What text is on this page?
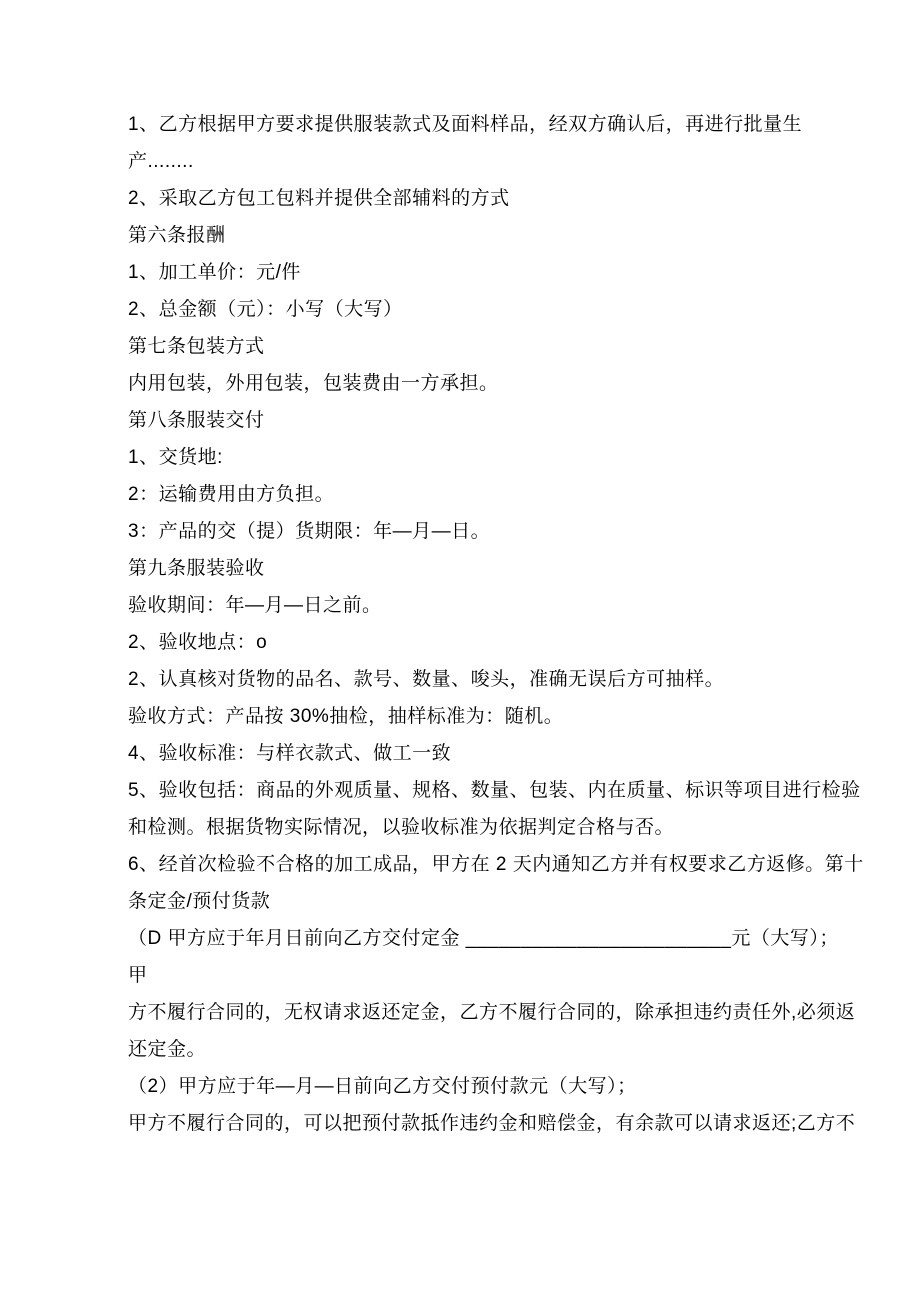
1、乙方根据甲方要求提供服装款式及面料样品，经双方确认后，再进行批量生
产........
2、采取乙方包工包料并提供全部辅料的方式
第六条报酬
1、加工单价：元/件
2、总金额（元）：小写（大写）
第七条包装方式
内用包装，外用包装，包装费由一方承担。
第八条服装交付
1、交货地:
2：运输费用由方负担。
3：产品的交（提）货期限：年—月—日。
第九条服装验收
验收期间：年—月—日之前。
2、验收地点：o
2、认真核对货物的品名、款号、数量、唆头，准确无误后方可抽样。
验收方式：产品按 30%抽检，抽样标准为：随机。
4、验收标准：与样衣款式、做工一致
5、验收包括：商品的外观质量、规格、数量、包装、内在质量、标识等项目进行检验
和检测。根据货物实际情况，以验收标准为依据判定合格与否。
6、经首次检验不合格的加工成品，甲方在 2 天内通知乙方并有权要求乙方返修。第十
条定金/预付货款
（D 甲方应于年月日前向乙方交付定金 ________________________元（大写）；
甲
方不履行合同的，无权请求返还定金，乙方不履行合同的，除承担违约责任外,必须返
还定金。
（2）甲方应于年—月—日前向乙方交付预付款元（大写）；
甲方不履行合同的，可以把预付款抵作违约金和赔偿金，有余款可以请求返还;乙方不
